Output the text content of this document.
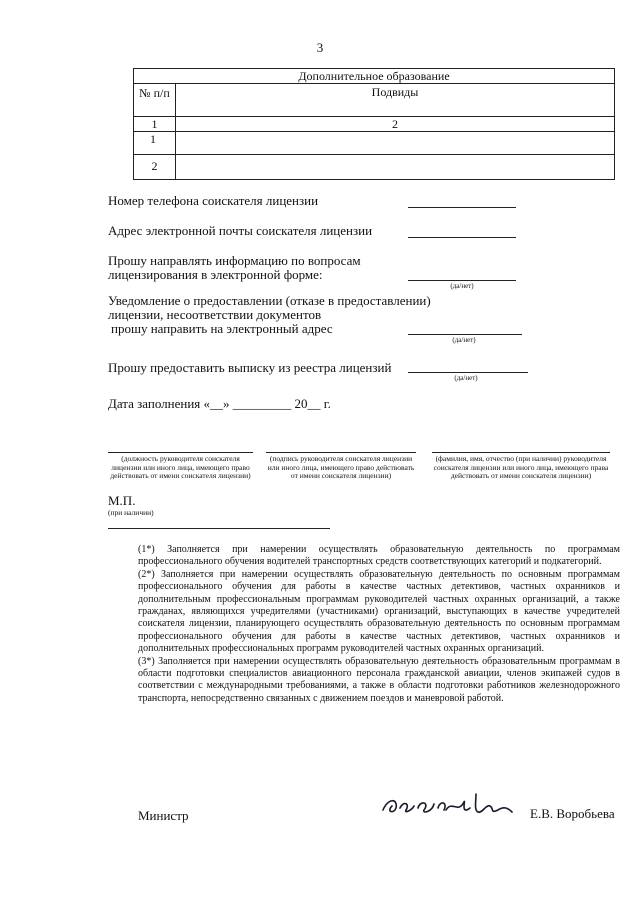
3
Дополнительное образование
№ п/п	Подвиды
1	2
1
2
Номер телефона соискателя лицензии
Адрес электронной почты соискателя лицензии
Прошу направлять информацию по вопросам
лицензирования в электронной форме:
(да/нет)
Уведомление о предоставлении (отказе в предоставлении)
лицензии, несоответствии документов
прошу направить на электронный адрес
(да/нет)
Прошу предоставить выписку из реестра лицензий
(да/нет)
Дата заполнения «__» _________ 20__ г.
(должность руководителя соискателя лицензии или иного лица, имеющего право действовать от имени соискателя лицензии)
(подпись руководителя соискателя лицензии или иного лица, имеющего право действовать от имени соискателя лицензии)
(фамилия, имя, отчество (при наличии) руководителя соискателя лицензии или иного лица, имеющего права действовать от имени соискателя лицензии)
М.П.
(при наличии)

(1*) Заполняется при намерении осуществлять образовательную деятельность по программам профессионального обучения водителей транспортных средств соответствующих категорий и подкатегорий.

(2*) Заполняется при намерении осуществлять образовательную деятельность по основным программам профессионального обучения для работы в качестве частных детективов, частных охранников и дополнительным профессиональным программам руководителей частных охранных организаций, а также гражданах, являющихся учредителями (участниками) организаций, выступающих в качестве учредителей соискателя лицензии, планирующего осуществлять образовательную деятельность по основным программам профессионального обучения для работы в качестве частных детективов, частных охранников и дополнительных профессиональных программ руководителей частных охранных организаций.

(3*) Заполняется при намерении осуществлять образовательную деятельность образовательным программам в области подготовки специалистов авиационного персонала гражданской авиации, членов экипажей судов в соответствии с международными требованиями, а также в области подготовки работников железнодорожного транспорта, непосредственно связанных с движением поездов и маневровой работой.

Министр	Е.В. Воробьева
